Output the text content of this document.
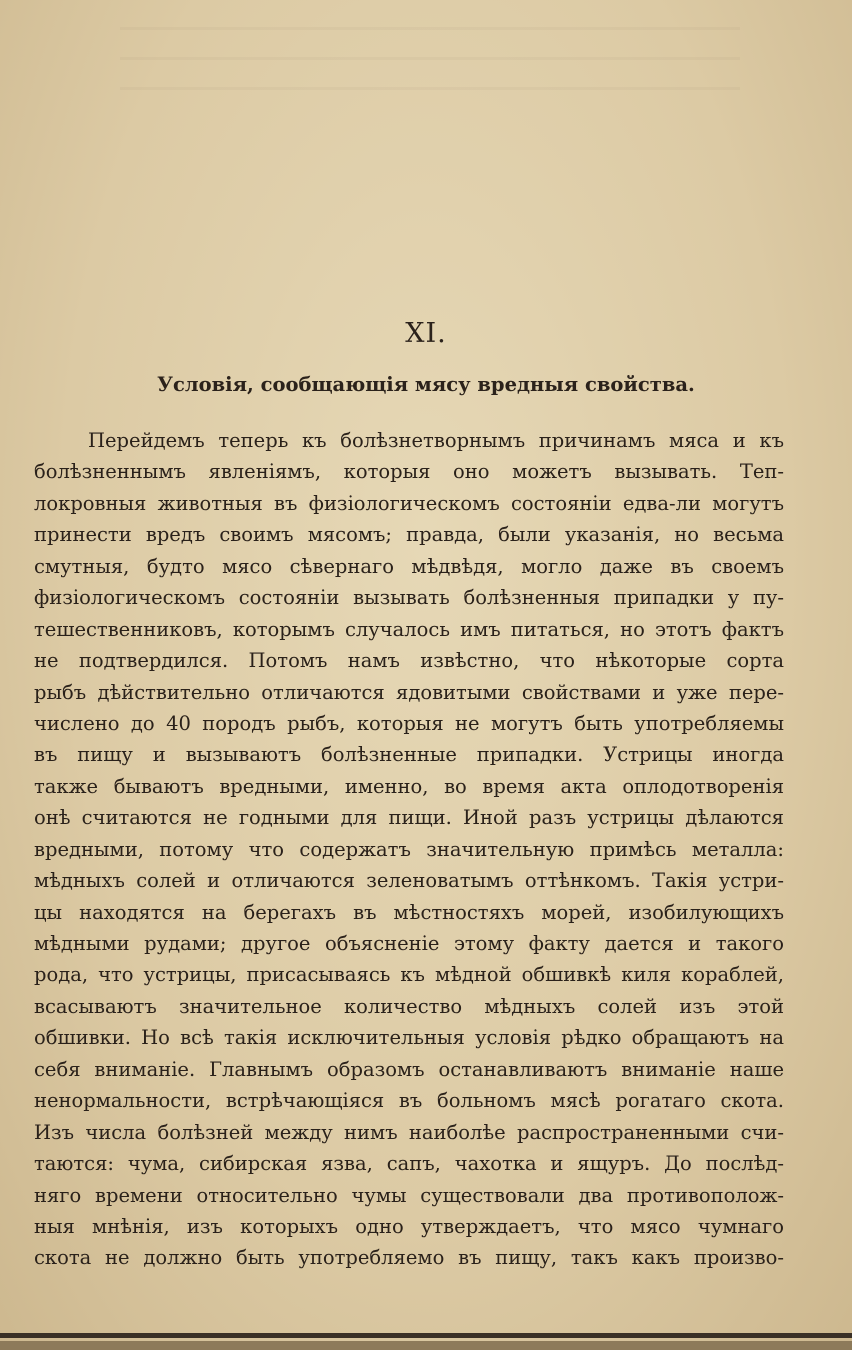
XI.
Условія, сообщающія мясу вредныя свойства.
Перейдемъ теперь къ болѣзнетворнымъ причинамъ мяса и къ
болѣзненнымъ явленіямъ, которыя оно можетъ вызывать. Теп-
локровныя животныя въ физіологическомъ состояніи едва-ли могутъ
принести вредъ своимъ мясомъ; правда, были указанія, но весьма
смутныя, будто мясо сѣвернаго мѣдвѣдя, могло даже въ своемъ
физіологическомъ состояніи вызывать болѣзненныя припадки у пу-
тешественниковъ, которымъ случалось имъ питаться, но этотъ фактъ
не подтвердился. Потомъ намъ извѣстно, что нѣкоторые сорта
рыбъ дѣйствительно отличаются ядовитыми свойствами и уже пере-
числено до 40 породъ рыбъ, которыя не могутъ быть употребляемы
въ пищу и вызываютъ болѣзненные припадки. Устрицы иногда
также бываютъ вредными, именно, во время акта оплодотворенія
онѣ считаются не годными для пищи. Иной разъ устрицы дѣлаются
вредными, потому что содержатъ значительную примѣсь металла:
мѣдныхъ солей и отличаются зеленоватымъ оттѣнкомъ. Такія устри-
цы находятся на берегахъ въ мѣстностяхъ морей, изобилующихъ
мѣдными рудами; другое объясненіе этому факту дается и такого
рода, что устрицы, присасываясь къ мѣдной обшивкѣ киля кораблей,
всасываютъ значительное количество мѣдныхъ солей изъ этой
обшивки. Но всѣ такія исключительныя условія рѣдко обращаютъ на
себя вниманіе. Главнымъ образомъ останавливаютъ вниманіе наше
ненормальности, встрѣчающіяся въ больномъ мясѣ рогатаго скота.
Изъ числа болѣзней между нимъ наиболѣе распространенными счи-
таются: чума, сибирская язва, сапъ, чахотка и ящуръ. До послѣд-
няго времени относительно чумы существовали два противополож-
ныя мнѣнія, изъ которыхъ одно утверждаетъ, что мясо чумнаго
скота не должно быть употребляемо въ пищу, такъ какъ произво-
